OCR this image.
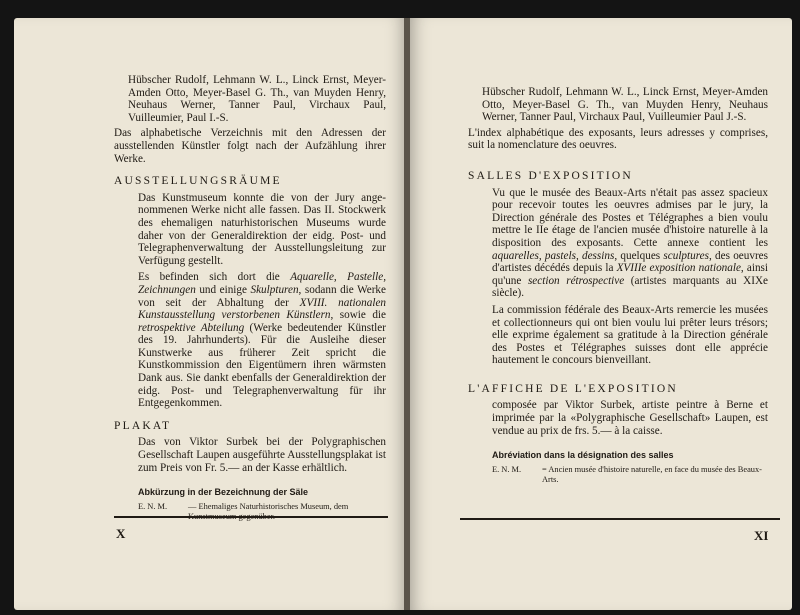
Hübscher Rudolf, Lehmann W. L., Linck Ernst, Meyer-Amden Otto, Meyer-Basel G. Th., van Muyden Henry, Neuhaus Werner, Tanner Paul, Virchaux Paul, Vuilleumier, Paul I.-S.

Das alphabetische Verzeichnis mit den Adressen der ausstellenden Künstler folgt nach der Aufzählung ihrer Werke.

AUSSTELLUNGSRÄUME

Das Kunstmuseum konnte die von der Jury angenommenen Werke nicht alle fassen. Das II. Stockwerk des ehemaligen naturhistorischen Museums wurde daher von der Generaldirektion der eidg. Post- und Telegraphenverwaltung der Ausstellungsleitung zur Verfügung gestellt.

Es befinden sich dort die Aquarelle, Pastelle, Zeichnungen und einige Skulpturen, sodann die Werke von seit der Abhaltung der XVIII. nationalen Kunstausstellung verstorbenen Künstlern, sowie die retrospektive Abteilung (Werke bedeutender Künstler des 19. Jahrhunderts). Für die Ausleihe dieser Kunstwerke aus früherer Zeit spricht die Kunstkommission den Eigentümern ihren wärmsten Dank aus. Sie dankt ebenfalls der Generaldirektion der eidg. Post- und Telegraphenverwaltung für ihr Entgegenkommen.

PLAKAT

Das von Viktor Surbek bei der Polygraphischen Gesellschaft Laupen ausgeführte Ausstellungsplakat ist zum Preis von Fr. 5.— an der Kasse erhältlich.

Abkürzung in der Bezeichnung der Säle
E. N. M.	— Ehemaliges Naturhistorisches Museum, dem
X

Hübscher Rudolf, Lehmann W. L., Linck Ernst, Meyer-Amden Otto, Meyer-Basel G. Th., van Muyden Henry, Neuhaus Werner, Tanner Paul, Virchaux Paul, Vuilleumier Paul J.-S.

L'index alphabétique des exposants, leurs adresses y comprises, suit la nomenclature des oeuvres.

SALLES D'EXPOSITION

Vu que le musée des Beaux-Arts n'était pas assez spacieux pour recevoir toutes les oeuvres admises par le jury, la Direction générale des Postes et Télégraphes a bien voulu mettre le IIe étage de l'ancien musée d'histoire naturelle à la disposition des exposants. Cette annexe contient les aquarelles, pastels, dessins, quelques sculptures, des oeuvres d'artistes décédés depuis la XVIIIe exposition nationale, ainsi qu'une section rétrospective (artistes marquants au XIXe siècle).

La commission fédérale des Beaux-Arts remercie les musées et collectionneurs qui ont bien voulu lui prêter leurs trésors; elle exprime également sa gratitude à la Direction générale des Postes et Télégraphes suisses dont elle apprécie hautement le concours bienveillant.

L'AFFICHE DE L'EXPOSITION

composée par Viktor Surbek, artiste peintre à Berne et imprimée par la «Polygraphische Gesellschaft» Laupen, est vendue au prix de frs. 5.— à la caisse.

Abréviation dans la désignation des salles
E. N. M.	= Ancien musée d'histoire naturelle, en face du musée des Beaux-Arts.
XI
